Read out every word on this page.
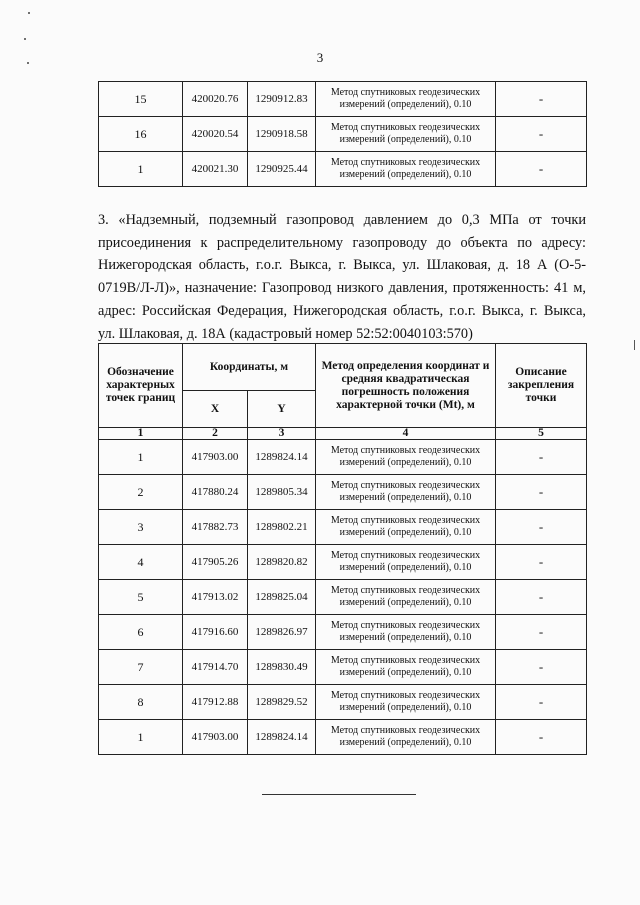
3
15	420020.76	1290912.83	Метод спутниковых геодезических измерений (определений), 0.10	-
16	420020.54	1290918.58	Метод спутниковых геодезических измерений (определений), 0.10	-
1	420021.30	1290925.44	Метод спутниковых геодезических измерений (определений), 0.10	-
3. «Надземный, подземный газопровод давлением до 0,3 МПа от точки присоединения к распределительному газопроводу до объекта по адресу: Нижегородская область, г.о.г. Выкса, г. Выкса, ул. Шлаковая, д. 18 А (О-5-0719В/Л-Л)», назначение: Газопровод низкого давления, протяженность: 41 м, адрес: Российская Федерация, Нижегородская область, г.о.г. Выкса, г. Выкса, ул. Шлаковая, д. 18А (кадастровый номер 52:52:0040103:570)
Обозначение характерных точек границ	Координаты, м		Метод определения координат и средняя квадратическая погрешность положения характерной точки (Mt), м	Описание закрепления точки
	X	Y		
1	2	3	4	5
1	417903.00	1289824.14	Метод спутниковых геодезических измерений (определений), 0.10	-
2	417880.24	1289805.34	Метод спутниковых геодезических измерений (определений), 0.10	-
3	417882.73	1289802.21	Метод спутниковых геодезических измерений (определений), 0.10	-
4	417905.26	1289820.82	Метод спутниковых геодезических измерений (определений), 0.10	-
5	417913.02	1289825.04	Метод спутниковых геодезических измерений (определений), 0.10	-
6	417916.60	1289826.97	Метод спутниковых геодезических измерений (определений), 0.10	-
7	417914.70	1289830.49	Метод спутниковых геодезических измерений (определений), 0.10	-
8	417912.88	1289829.52	Метод спутниковых геодезических измерений (определений), 0.10	-
1	417903.00	1289824.14	Метод спутниковых геодезических измерений (определений), 0.10	-
